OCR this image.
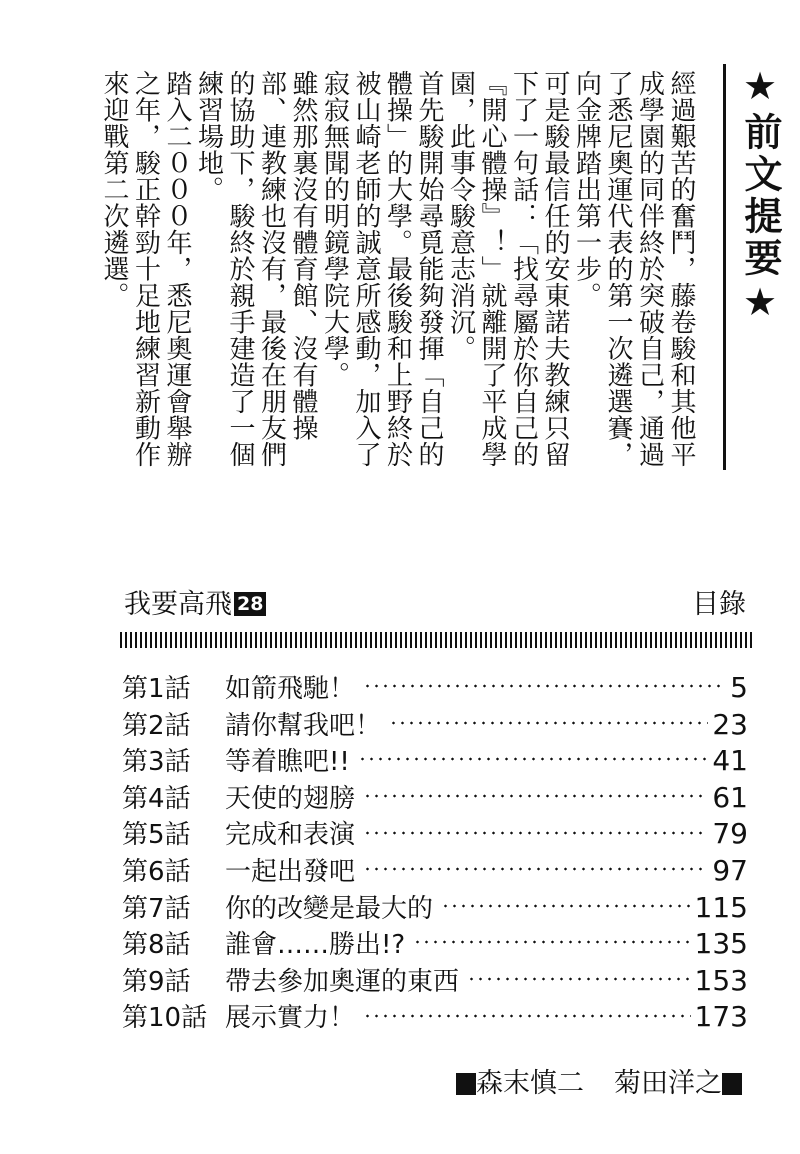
★前文提要★

經過艱苦的奮鬥，藤卷駿和其他平成學園的同伴終於突破自己，通過了悉尼奧運代表的第一次遴選賽，向金牌踏出第一步。

可是駿最信任的安東諾夫教練只留下了一句話：「找尋屬於你自己的『開心體操』！」就離開了平成學園，此事令駿意志消沉。

首先駿開始尋覓能夠發揮「自己的體操」的大學。最後駿和上野終於被山崎老師的誠意所感動，加入了寂寂無聞的明鏡學院大學。

雖然那裏沒有體育館、沒有體操部、連教練也沒有，最後在朋友們的協助下，駿終於親手建造了一個練習場地。

踏入二０００年，悉尼奧運會舉辦之年，駿正幹勁十足地練習新動作來迎戰第二次遴選。

我要高飛 28	目錄
第1話	如箭飛馳！	5
第2話	請你幫我吧！	23
第3話	等着瞧吧!!	41
第4話	天使的翅膀	61
第5話	完成和表演	79
第6話	一起出發吧	97
第7話	你的改變是最大的	115
第8話	誰會……勝出!?	135
第9話	帶去參加奧運的東西	153
第10話 展示實力！	173
森末慎二 菊田洋之
